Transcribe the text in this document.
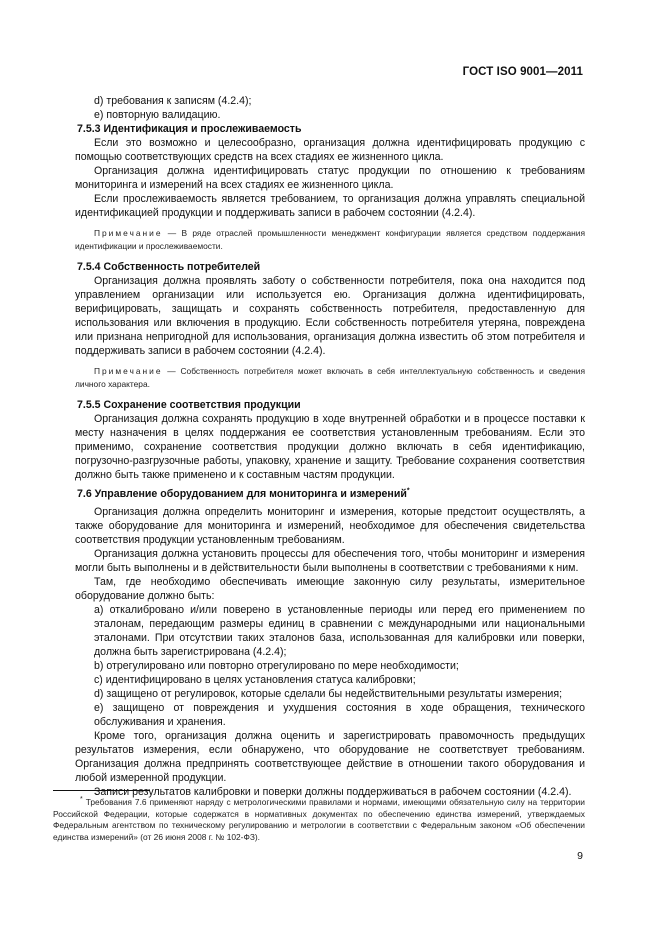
ГОСТ ISO 9001—2011

d) требования к записям (4.2.4);

e) повторную валидацию.

7.5.3 Идентификация и прослеживаемость

Если это возможно и целесообразно, организация должна идентифицировать продукцию с помощью соответствующих средств на всех стадиях ее жизненного цикла.

Организация должна идентифицировать статус продукции по отношению к требованиям мониторинга и измерений на всех стадиях ее жизненного цикла.

Если прослеживаемость является требованием, то организация должна управлять специальной идентификацией продукции и поддерживать записи в рабочем состоянии (4.2.4).

Примечание — В ряде отраслей промышленности менеджмент конфигурации является средством поддержания идентификации и прослеживаемости.

7.5.4 Собственность потребителей

Организация должна проявлять заботу о собственности потребителя, пока она находится под управлением организации или используется ею. Организация должна идентифицировать, верифицировать, защищать и сохранять собственность потребителя, предоставленную для использования или включения в продукцию. Если собственность потребителя утеряна, повреждена или признана непригодной для использования, организация должна известить об этом потребителя и поддерживать записи в рабочем состоянии (4.2.4).

Примечание — Собственность потребителя может включать в себя интеллектуальную собственность и сведения личного характера.

7.5.5 Сохранение соответствия продукции

Организация должна сохранять продукцию в ходе внутренней обработки и в процессе поставки к месту назначения в целях поддержания ее соответствия установленным требованиям. Если это применимо, сохранение соответствия продукции должно включать в себя идентификацию, погрузочно-разгрузочные работы, упаковку, хранение и защиту. Требование сохранения соответствия должно быть также применено и к составным частям продукции.

7.6 Управление оборудованием для мониторинга и измерений*

Организация должна определить мониторинг и измерения, которые предстоит осуществлять, а также оборудование для мониторинга и измерений, необходимое для обеспечения свидетельства соответствия продукции установленным требованиям.

Организация должна установить процессы для обеспечения того, чтобы мониторинг и измерения могли быть выполнены и в действительности были выполнены в соответствии с требованиями к ним.

Там, где необходимо обеспечивать имеющие законную силу результаты, измерительное оборудование должно быть:

a) откалибровано и/или поверено в установленные периоды или перед его применением по эталонам, передающим размеры единиц в сравнении с международными или национальными эталонами. При отсутствии таких эталонов база, использованная для калибровки или поверки, должна быть зарегистрирована (4.2.4);

b) отрегулировано или повторно отрегулировано по мере необходимости;

c) идентифицировано в целях установления статуса калибровки;

d) защищено от регулировок, которые сделали бы недействительными результаты измерения;

e) защищено от повреждения и ухудшения состояния в ходе обращения, технического обслуживания и хранения.

Кроме того, организация должна оценить и зарегистрировать правомочность предыдущих результатов измерения, если обнаружено, что оборудование не соответствует требованиям. Организация должна предпринять соответствующее действие в отношении такого оборудования и любой измеренной продукции.

Записи результатов калибровки и поверки должны поддерживаться в рабочем состоянии (4.2.4).

* Требования 7.6 применяют наряду с метрологическими правилами и нормами, имеющими обязательную силу на территории Российской Федерации, которые содержатся в нормативных документах по обеспечению единства измерений, утверждаемых Федеральным агентством по техническому регулированию и метрологии в соответствии с Федеральным законом «Об обеспечении единства измерений» (от 26 июня 2008 г. № 102-ФЗ).
9
